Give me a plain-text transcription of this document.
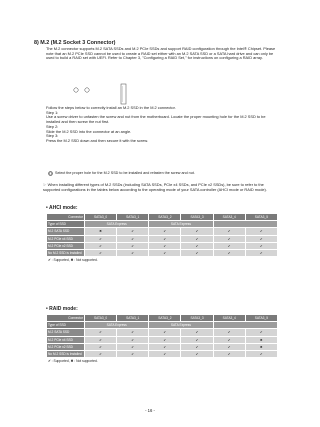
8) M.2 (M.2 Socket 3 Connector)

The M.2 connector supports M.2 SATA SSDs and M.2 PCIe SSDs and support RAID configuration through the Intel® Chipset. Please note that an M.2 PCIe SSD cannot be used to create a RAID set either with an M.2 SATA SSD or a SATA hard drive and can only be used to build a RAID set with UEFI. Refer to Chapter 3, "Configuring a RAID Set," for instructions on configuring a RAID array.

Follow the steps below to correctly install an M.2 SSD in the M.2 connector.
Step 1:
Use a screw driver to unfasten the screw and nut from the motherboard. Locate the proper mounting hole for the M.2 SSD to be installed and then screw the nut first.
Step 2:
Slide the M.2 SSD into the connector at an angle.
Step 3:
Press the M.2 SSD down and then secure it with the screw.

Select the proper hole for the M.2 SSD to be installed and refasten the screw and nut.

☞ When installing different types of M.2 SSDs (including SATA SSDs, PCIe x4 SSDs, and PCIe x2 SSDs), be sure to refer to the supported configurations in the tables below according to the operating mode of your SATA controller (AHCI mode or RAID mode).

• AHCI mode:
Connector	SATA3_0	SATA3_1	SATA3_2	SATA3_3	SATA3_4	SATA3_5
Type of SSD	SATA Express		SATA Express			
M.2 SATA SSD	✖	✔	✔	✔	✔	✔
M.2 PCIe x4 SSD	✔	✔	✔	✔	✔	✔
M.2 PCIe x2 SSD	✔	✔	✔	✔	✔	✔
No M.2 SSD is Installed	✔	✔	✔	✔	✔	✔
✔ : Supported, ✖ : Not supported.
• RAID mode:
Connector	SATA3_0	SATA3_1	SATA3_2	SATA3_3	SATA3_4	SATA3_5
Type of SSD	SATA Express		SATA Express			
M.2 SATA SSD	✔	✔	✔	✔	✔	✔
M.2 PCIe x4 SSD	✔	✔	✔	✔	✔	✖
M.2 PCIe x2 SSD	✔	✔	✔	✔	✔	✖
No M.2 SSD is Installed	✔	✔	✔	✔	✔	✔
✔ : Supported, ✖ : Not supported.
- 16 -
